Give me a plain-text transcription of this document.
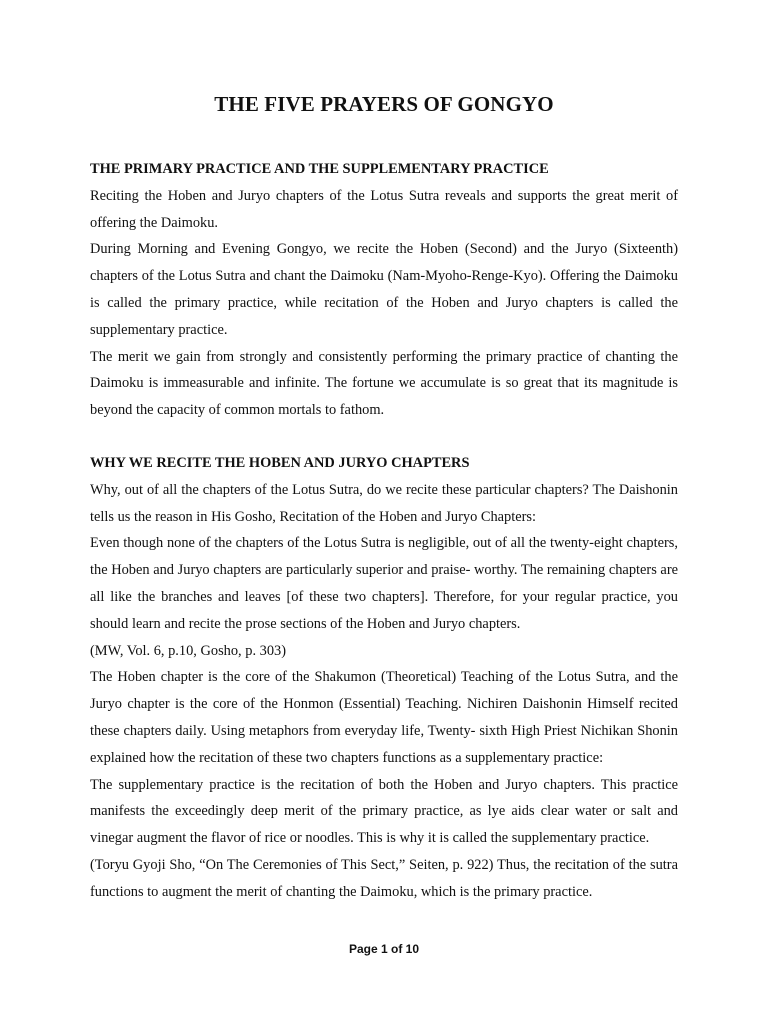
THE FIVE PRAYERS OF GONGYO

THE PRIMARY PRACTICE AND THE SUPPLEMENTARY PRACTICE

Reciting the Hoben and Juryo chapters of the Lotus Sutra reveals and supports the great merit of offering the Daimoku.

During Morning and Evening Gongyo, we recite the Hoben (Second) and the Juryo (Sixteenth) chapters of the Lotus Sutra and chant the Daimoku (Nam-Myoho-Renge-Kyo). Offering the Daimoku is called the primary practice, while recitation of the Hoben and Juryo chapters is called the supplementary practice.

The merit we gain from strongly and consistently performing the primary practice of chanting the Daimoku is immeasurable and infinite. The fortune we accumulate is so great that its magnitude is beyond the capacity of common mortals to fathom.

WHY WE RECITE THE HOBEN AND JURYO CHAPTERS

Why, out of all the chapters of the Lotus Sutra, do we recite these particular chapters? The Daishonin tells us the reason in His Gosho, Recitation of the Hoben and Juryo Chapters:

Even though none of the chapters of the Lotus Sutra is negligible, out of all the twenty-eight chapters, the Hoben and Juryo chapters are particularly superior and praise- worthy. The remaining chapters are all like the branches and leaves [of these two chapters]. Therefore, for your regular practice, you should learn and recite the prose sections of the Hoben and Juryo chapters.

(MW, Vol. 6, p.10, Gosho, p. 303)

The Hoben chapter is the core of the Shakumon (Theoretical) Teaching of the Lotus Sutra, and the Juryo chapter is the core of the Honmon (Essential) Teaching. Nichiren Daishonin Himself recited these chapters daily. Using metaphors from everyday life, Twenty- sixth High Priest Nichikan Shonin explained how the recitation of these two chapters functions as a supplementary practice:

The supplementary practice is the recitation of both the Hoben and Juryo chapters. This practice manifests the exceedingly deep merit of the primary practice, as lye aids clear water or salt and vinegar augment the flavor of rice or noodles. This is why it is called the supplementary practice.

(Toryu Gyoji Sho, “On The Ceremonies of This Sect,” Seiten, p. 922) Thus, the recitation of the sutra functions to augment the merit of chanting the Daimoku, which is the primary practice.

Page 1 of 10
